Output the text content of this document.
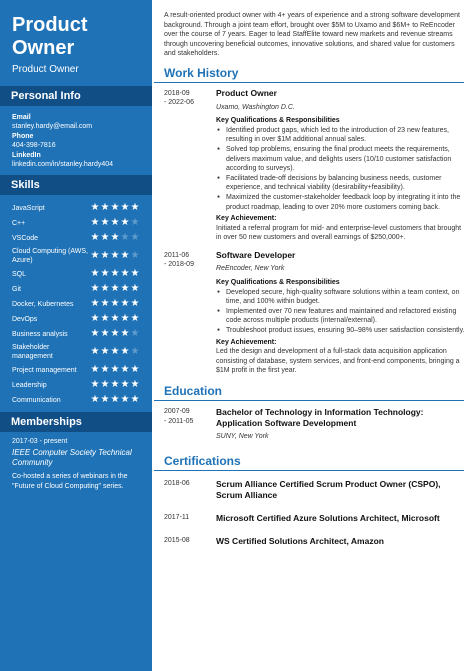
Product
Owner
Product Owner
Personal Info
Email
stanley.hardy@email.com
Phone
404-398-7816
LinkedIn
linkedin.com/in/stanley.hardy404
Skills
JavaScript	★ ★ ★ ★ ★
C++	★ ★ ★ ★ ★
VSCode	★ ★ ★ ★ ★
Cloud Computing (AWS, Azure)	★ ★ ★ ★ ★
SQL	★ ★ ★ ★ ★
Git	★ ★ ★ ★ ★
Docker, Kubernetes	★ ★ ★ ★ ★
DevOps	★ ★ ★ ★ ★
Business analysis	★ ★ ★ ★ ★
Stakeholder management	★ ★ ★ ★ ★
Project management	★ ★ ★ ★ ★
Leadership	★ ★ ★ ★ ★
Communication	★ ★ ★ ★ ★
Memberships
2017-03 - present
IEEE Computer Society Technical Community
Co-hosted a series of webinars in the "Future of Cloud Computing" series.
A result-oriented product owner with 4+ years of experience and a strong software development background. Through a joint team effort, brought over $5M to Uxamo and $6M+ to ReEncoder over the course of 7 years. Eager to lead StaffElite toward new markets and revenue streams through uncovering beneficial outcomes, innovative solutions, and shared value for customers and stakeholders.
Work History
2018-09
- 2022-06
Product Owner
Uxamo, Washington D.C.
Key Qualifications & Responsibilities
● Identified product gaps, which led to the introduction of 23 new features, resulting in over $1M additional annual sales.
● Solved top problems, ensuring the final product meets the requirements, delivers maximum value, and delights users (10/10 customer satisfaction according to surveys).
● Facilitated trade-off decisions by balancing business needs, customer experience, and technical viability (desirability+feasibility).
● Maximized the customer-stakeholder feedback loop by integrating it into the product roadmap, leading to over 20% more customers coming back.
Key Achievement:
Initiated a referral program for mid- and enterprise-level customers that brought in over 50 new customers and overall earnings of $250,000+.
2011-06
- 2018-09
Software Developer
ReEncoder, New York
Key Qualifications & Responsibilities
● Developed secure, high-quality software solutions within a team context, on time, and 100% within budget.
● Implemented over 70 new features and maintained and refactored existing code across multiple products (internal/external).
● Troubleshoot product issues, ensuring 90–98% user satisfaction consistently.
Key Achievement:
Led the design and development of a full-stack data acquisition application consisting of database, system services, and front-end components, bringing a $1M profit in the first year.
Education
2007-09
- 2011-05
Bachelor of Technology in Information Technology: Application Software Development
SUNY, New York
Certifications
2018-06	Scrum Alliance Certified Scrum Product Owner (CSPO), Scrum Alliance
2017-11	Microsoft Certified Azure Solutions Architect, Microsoft
2015-08	WS Certified Solutions Architect, Amazon
